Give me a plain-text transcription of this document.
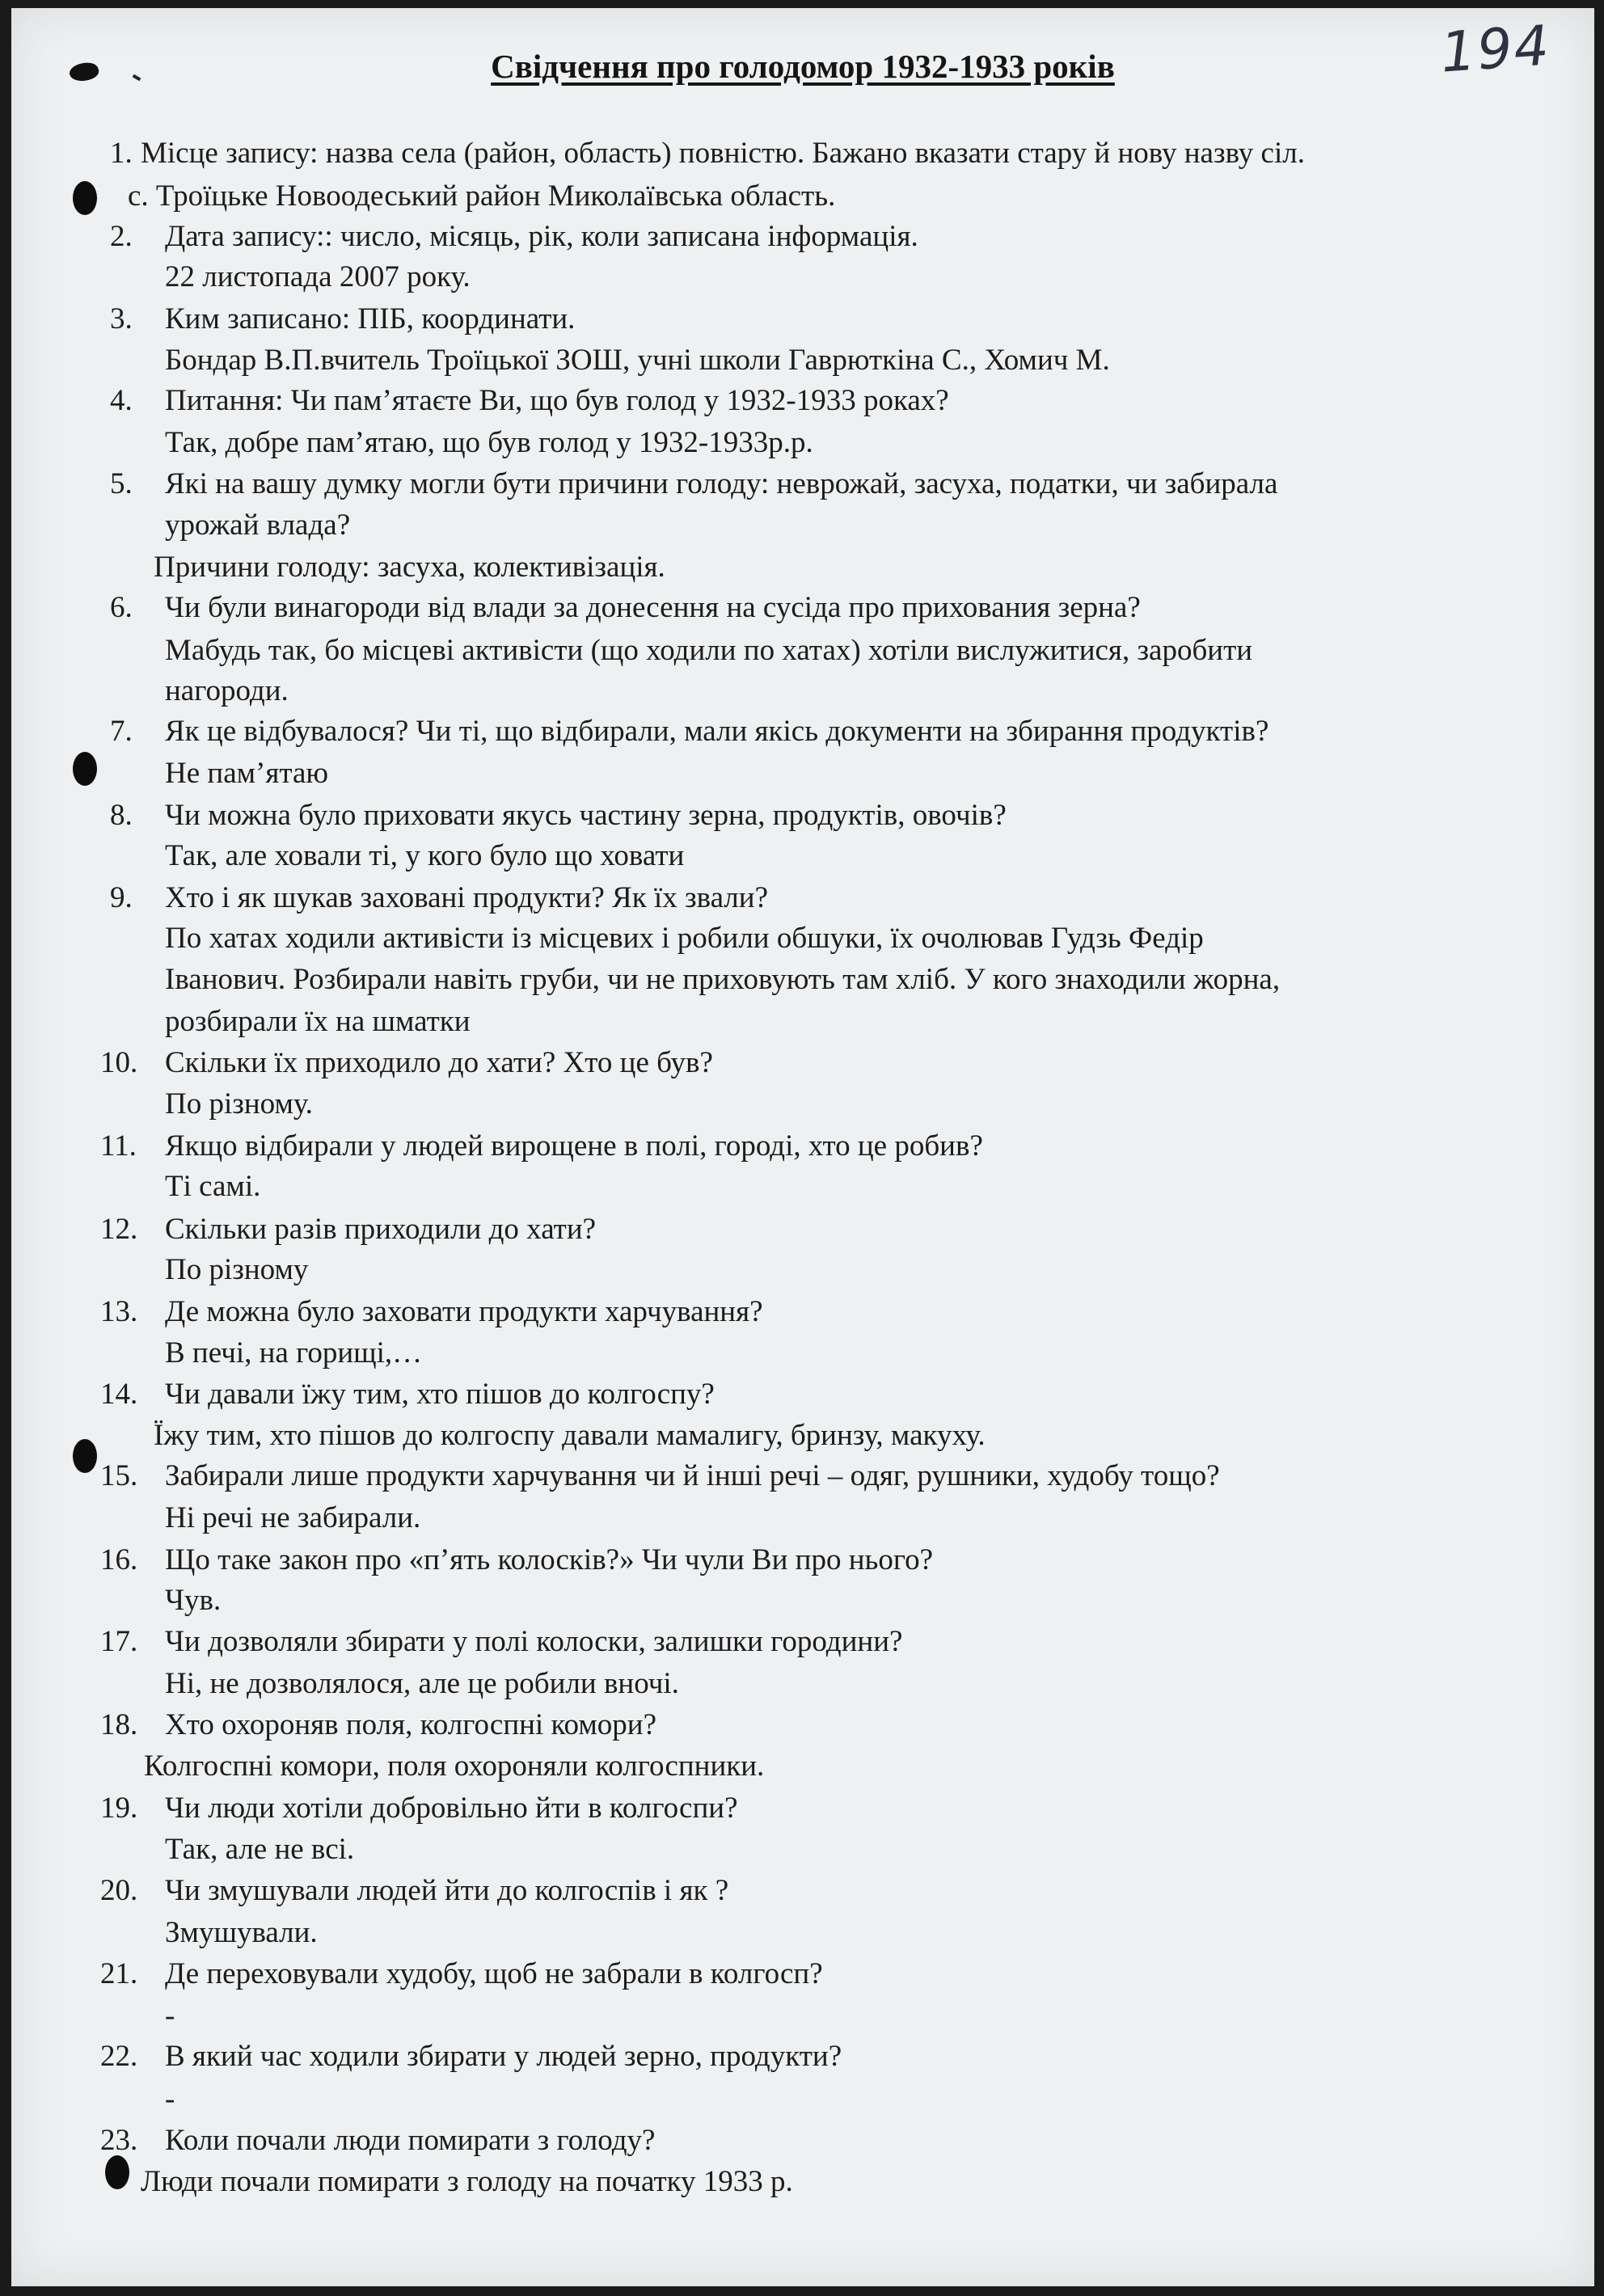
194
Свідчення про голодомор 1932-1933 років
1. Місце запису: назва села (район, область) повністю. Бажано вказати стару й нову назву сіл.
с. Троїцьке Новоодеський район Миколаївська область.
2. Дата запису:: число, місяць, рік, коли записана інформація.
22 листопада 2007 року.
3. Ким записано: ПІБ, координати.
Бондар В.П.вчитель Троїцької ЗОШ, учні школи Гаврюткіна С., Хомич М.
4. Питання: Чи пам’ятаєте Ви, що був голод у 1932-1933 роках?
Так, добре пам’ятаю, що був голод у 1932-1933р.р.
5. Які на вашу думку могли бути причини голоду: неврожай, засуха, податки, чи забирала
урожай влада?
Причини голоду: засуха, колективізація.
6. Чи були винагороди від влади за донесення на сусіда про прихования зерна?
Мабудь так, бо місцеві активісти (що ходили по хатах) хотіли вислужитися, заробити
нагороди.
7. Як це відбувалося? Чи ті, що відбирали, мали якісь документи на збирання продуктів?
Не пам’ятаю
8. Чи можна було приховати якусь частину зерна, продуктів, овочів?
Так, але ховали ті, у кого було що ховати
9. Хто і як шукав заховані продукти? Як їх звали?
По хатах ходили активісти із місцевих і робили обшуки, їх очолював Гудзь Федір
Іванович. Розбирали навіть груби, чи не приховують там хліб. У кого знаходили жорна,
розбирали їх на шматки
10. Скільки їх приходило до хати? Хто це був?
По різному.
11. Якщо відбирали у людей вирощене в полі, городі, хто це робив?
Ті самі.
12. Скільки разів приходили до хати?
По різному
13. Де можна було заховати продукти харчування?
В печі, на горищі,…
14. Чи давали їжу тим, хто пішов до колгоспу?
Їжу тим, хто пішов до колгоспу давали мамалигу, бринзу, макуху.
15. Забирали лише продукти харчування чи й інші речі – одяг, рушники, худобу тощо?
Ні речі не забирали.
16. Що таке закон про «п’ять колосків?» Чи чули Ви про нього?
Чув.
17. Чи дозволяли збирати у полі колоски, залишки городини?
Ні, не дозволялося, але це робили вночі.
18. Хто охороняв поля, колгоспні комори?
Колгоспні комори, поля охороняли колгоспники.
19. Чи люди хотіли добровільно йти в колгоспи?
Так, але не всі.
20. Чи змушували людей йти до колгоспів і як ?
Змушували.
21. Де переховували худобу, щоб не забрали в колгосп?
-
22. В який час ходили збирати у людей зерно, продукти?
-
23. Коли почали люди помирати з голоду?
Люди почали помирати з голоду на початку 1933 р.
